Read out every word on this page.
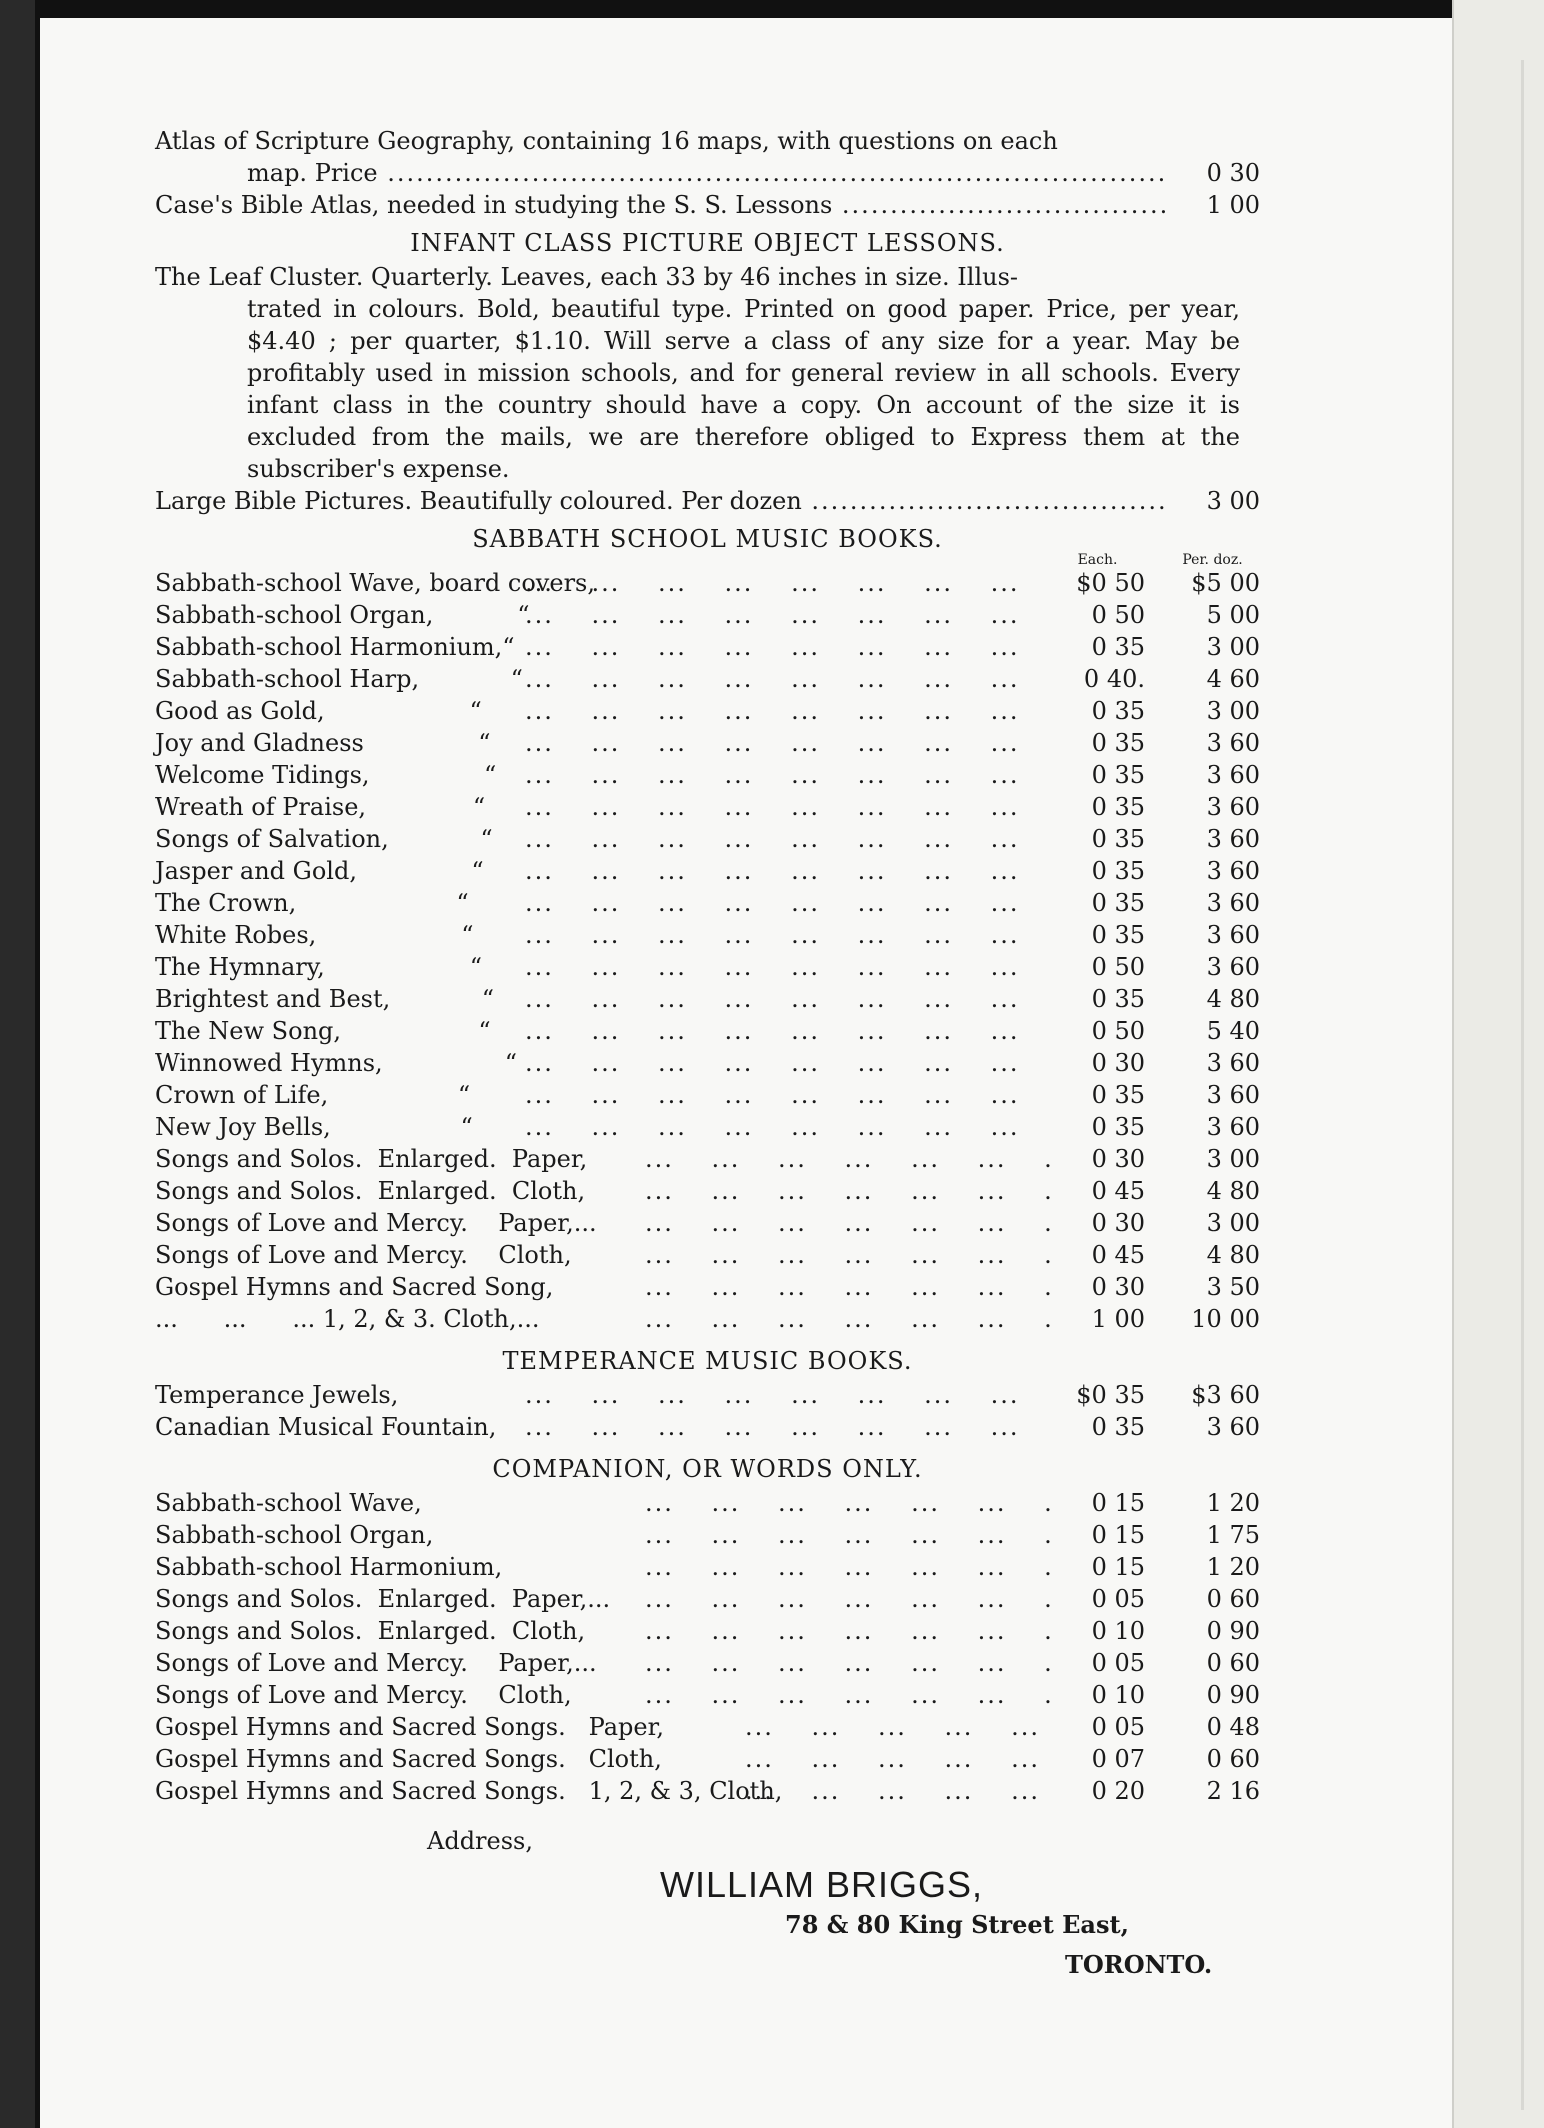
Atlas of Scripture Geography, containing 16 maps, with questions on each
map. Price .....	0 30
Case's Bible Atlas, needed in studying the S. S. Lessons .....	1 00
INFANT CLASS PICTURE OBJECT LESSONS.
The Leaf Cluster. Quarterly. Leaves, each 33 by 46 inches in size. Illus-
trated in colours. Bold, beautiful type. Printed on good paper. Price, per year, $4.40 ; per quarter, $1.10. Will serve a class of any size for a year. May be profitably used in mission schools, and for general review in all schools. Every infant class in the country should have a copy. On account of the size it is excluded from the mails, we are therefore obliged to Express them at the subscriber's expense.
Large Bible Pictures. Beautifully coloured. Per dozen .....	3 00
SABBATH SCHOOL MUSIC BOOKS.
Each.	Per. doz.
Sabbath-school Wave, board covers, ...	$0 50	$5 00
Sabbath-school Organ,           “ ...	0 50	5 00
Sabbath-school Harmonium,“ ...	0 35	3 00
Sabbath-school Harp,            “ ...	0 40.	4 60
Good as Gold,                   “ ...	0 35	3 00
Joy and Gladness               “ ...	0 35	3 60
Welcome Tidings,               “ ...	0 35	3 60
Wreath of Praise,              “ ...	0 35	3 60
Songs of Salvation,            “ ...	0 35	3 60
Jasper and Gold,               “ ...	0 35	3 60
The Crown,                     “ ...	0 35	3 60
White Robes,                   “ ...	0 35	3 60
The Hymnary,                   “ ...	0 50	3 60
Brightest and Best,            “ ...	0 35	4 80
The New Song,                  “ ...	0 50	5 40
Winnowed Hymns,                “ ...	0 30	3 60
Crown of Life,                 “ ...	0 35	3 60
New Joy Bells,                 “ ...	0 35	3 60
Songs and Solos.  Enlarged.  Paper, ...	0 30	3 00
Songs and Solos.  Enlarged.  Cloth, ...	0 45	4 80
Songs of Love and Mercy.    Paper,... ...	0 30	3 00
Songs of Love and Mercy.    Cloth, ...	0 45	4 80
Gospel Hymns and Sacred Song, ...	0 30	3 50
...      ...      ... 1, 2, & 3. Cloth,... ...	1 00	10 00
TEMPERANCE MUSIC BOOKS.
Temperance Jewels, ...	$0 35	$3 60
Canadian Musical Fountain, ...	0 35	3 60
COMPANION, OR WORDS ONLY.
Sabbath-school Wave, ...	0 15	1 20
Sabbath-school Organ, ...	0 15	1 75
Sabbath-school Harmonium, ...	0 15	1 20
Songs and Solos.  Enlarged.  Paper,... ...	0 05	0 60
Songs and Solos.  Enlarged.  Cloth, ...	0 10	0 90
Songs of Love and Mercy.    Paper,... ...	0 05	0 60
Songs of Love and Mercy.    Cloth, ...	0 10	0 90
Gospel Hymns and Sacred Songs.   Paper, ...	0 05	0 48
Gospel Hymns and Sacred Songs.   Cloth, ...	0 07	0 60
Gospel Hymns and Sacred Songs.   1, 2, & 3, Cloth, ...	0 20	2 16
Address,
WILLIAM BRIGGS,
78 & 80 King Street East,
TORONTO.
